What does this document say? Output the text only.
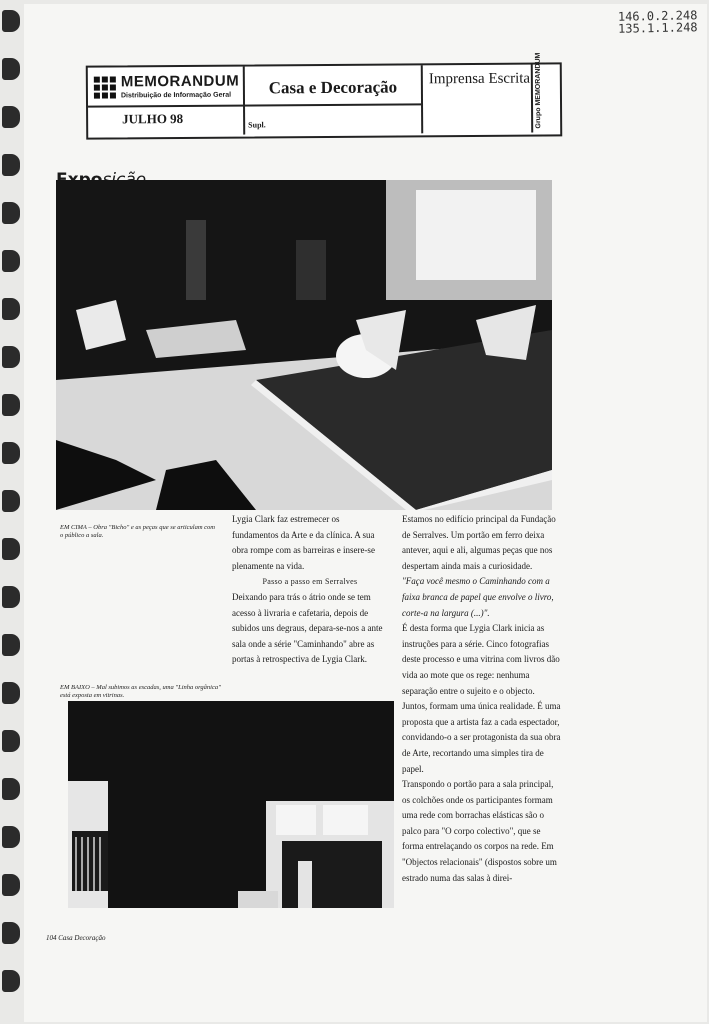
146.0.2.248
135.1.1.248
MEMORANDUM
Distribuição de Informação Geral
JULHO 98
Casa e Decoração
Supl.
Imprensa Escrita Grupo MEMORANDUM
EM CIMA – Obra "Bicho" e as peças que se articulam com o público a sala.

Lygia Clark faz estremecer os fundamentos da Arte e da clínica. A sua obra rompe com as barreiras e insere-se plenamente na vida.

Passo a passo em Serralves

Deixando para trás o átrio onde se tem acesso à livraria e cafetaria, depois de subidos uns degraus, depara-se-nos a ante sala onde a série "Caminhando" abre as portas à retrospectiva de Lygia Clark.

EM BAIXO – Mal subimos as escadas, uma "Linha orgânica" está exposta em vitrinas.

Estamos no edifício principal da Fundação de Serralves. Um portão em ferro deixa antever, aqui e ali, algumas peças que nos despertam ainda mais a curiosidade.

"Faça você mesmo o Caminhando com a faixa branca de papel que envolve o livro, corte-a na largura (...)".

É desta forma que Lygia Clark inicia as instruções para a série. Cinco fotografias deste processo e uma vitrina com livros dão vida ao mote que os rege: nenhuma separação entre o sujeito e o objecto. Juntos, formam uma única realidade. É uma proposta que a artista faz a cada espectador, convidando-o a ser protagonista da sua obra de Arte, recortando uma simples tira de papel.

Transpondo o portão para a sala principal, os colchões onde os participantes formam uma rede com borrachas elásticas são o palco para "O corpo colectivo", que se forma entrelaçando os corpos na rede. Em "Objectos relacionais" (dispostos sobre um estrado numa das salas à direi-

104 Casa Decoração
